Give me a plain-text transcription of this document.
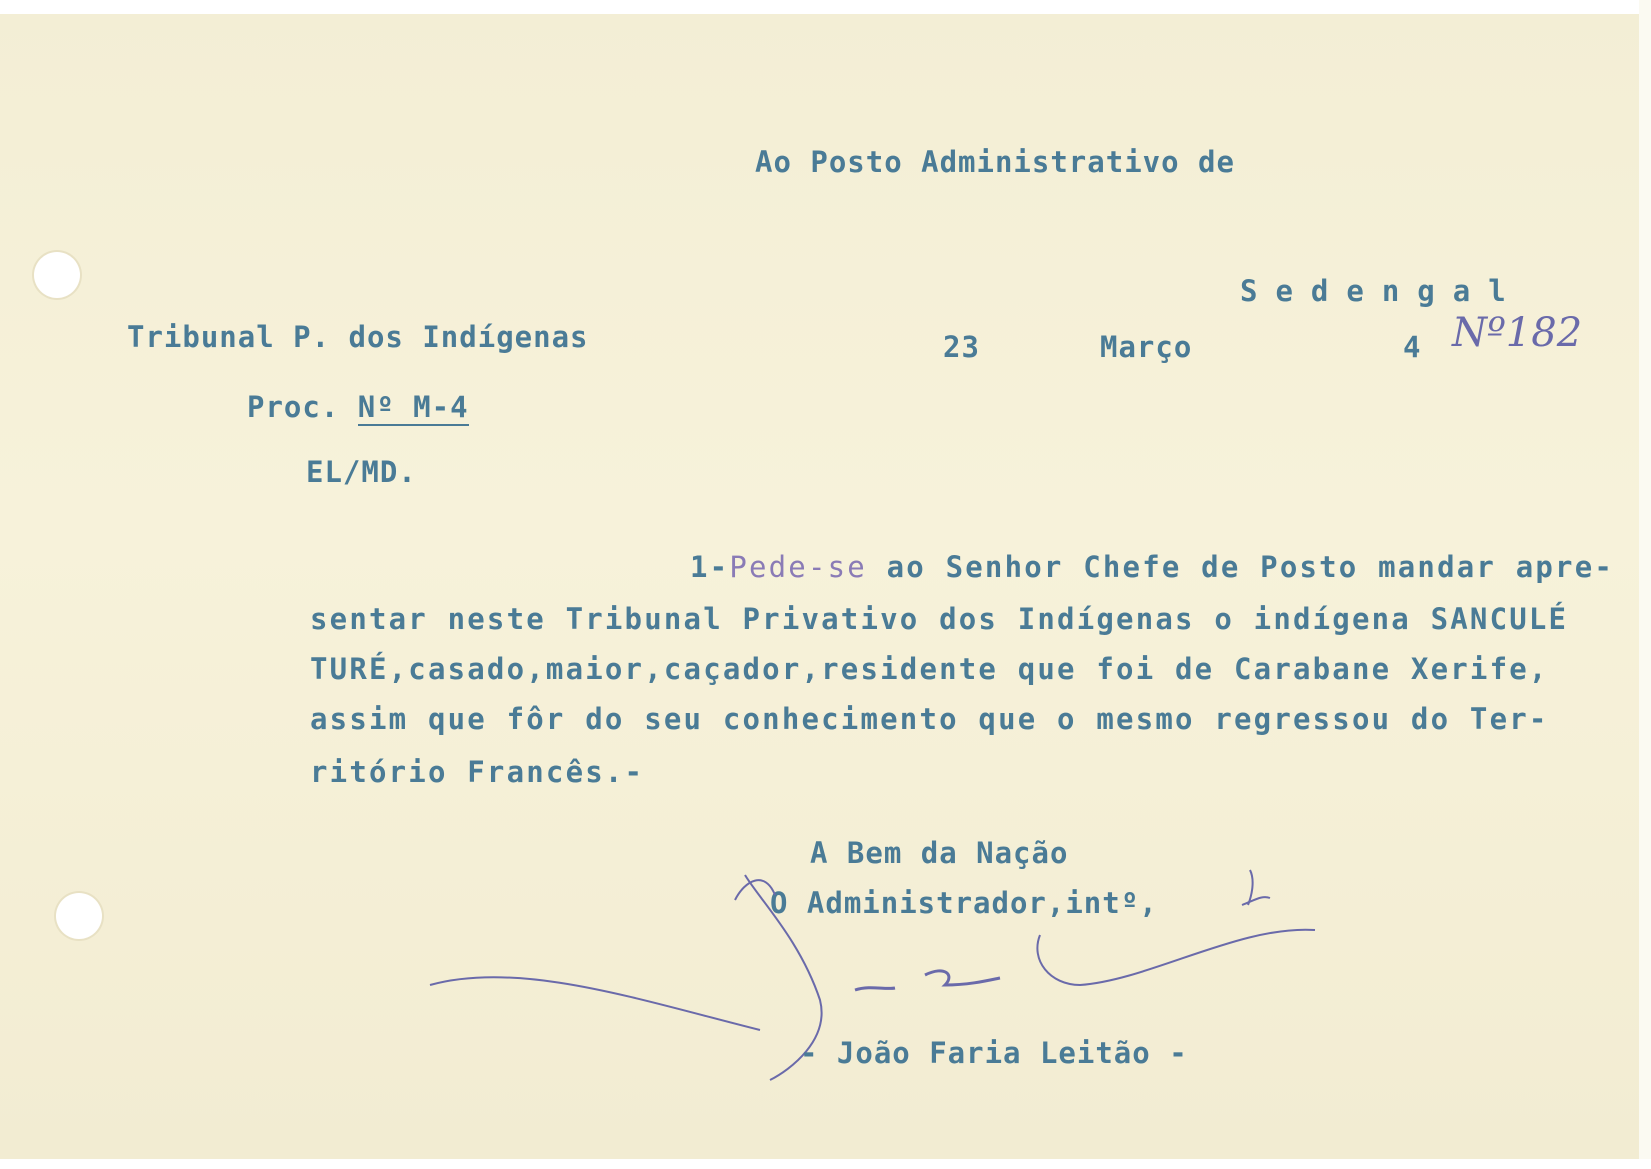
Ao Posto Administrativo de
Sedengal
Tribunal P. dos Indígenas	23	Março	4 Nº182
Proc. Nº M-4
EL/MD.
1-Pede-se ao Senhor Chefe de Posto mandar apre-
sentar neste Tribunal Privativo dos Indígenas o indígena SANCULÉ
TURÉ,casado,maior,caçador,residente que foi de Carabane Xerife,
assim que fôr do seu conhecimento que o mesmo regressou do Ter-
ritório Francês.-
A Bem da Nação
O Administrador,intº,
- João Faria Leitão -
